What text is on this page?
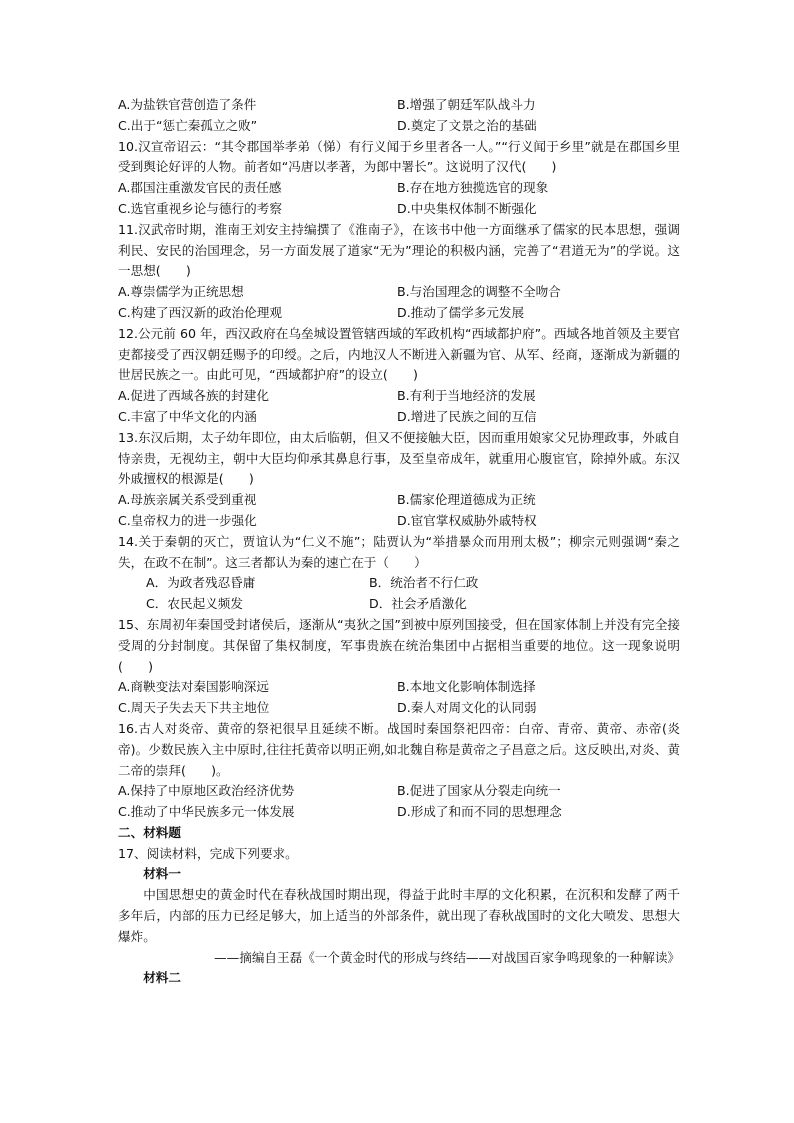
A.为盐铁官营创造了条件	B.增强了朝廷军队战斗力
C.出于“惩亡秦孤立之败”	D.奠定了文景之治的基础

10.汉宣帝诏云：“其令郡国举孝弟（悌）有行义闻于乡里者各一人。”“行义闻于乡里”就是在郡国乡里受到舆论好评的人物。前者如“冯唐以孝著，为郎中署长”。这说明了汉代(　　)

A.郡国注重激发官民的责任感	B.存在地方独揽选官的现象
C.选官重视乡论与德行的考察	D.中央集权体制不断强化

11.汉武帝时期，淮南王刘安主持编撰了《淮南子》，在该书中他一方面继承了儒家的民本思想，强调利民、安民的治国理念，另一方面发展了道家“无为”理论的积极内涵，完善了“君道无为”的学说。这一思想(　　)

A.尊崇儒学为正统思想	B.与治国理念的调整不全吻合
C.构建了西汉新的政治伦理观	D.推动了儒学多元发展

12.公元前 60 年，西汉政府在乌垒城设置管辖西域的军政机构“西域都护府”。西域各地首领及主要官吏都接受了西汉朝廷赐予的印绶。之后，内地汉人不断进入新疆为官、从军、经商，逐渐成为新疆的世居民族之一。由此可见，“西域都护府”的设立(　　)

A.促进了西域各族的封建化	B.有利于当地经济的发展
C.丰富了中华文化的内涵	D.增进了民族之间的互信

13.东汉后期，太子幼年即位，由太后临朝，但又不便接触大臣，因而重用娘家父兄协理政事，外戚自恃亲贵，无视幼主，朝中大臣均仰承其鼻息行事，及至皇帝成年，就重用心腹宦官，除掉外戚。东汉外戚擅权的根源是(　　)

A.母族亲属关系受到重视	B.儒家伦理道德成为正统
C.皇帝权力的进一步强化	D.宦官掌权威胁外戚特权

14.关于秦朝的灭亡，贾谊认为“仁义不施”；陆贾认为“举措暴众而用刑太极”；柳宗元则强调“秦之失，在政不在制”。这三者都认为秦的速亡在于（　　）

A．为政者残忍昏庸	B．统治者不行仁政
C．农民起义频发	D．社会矛盾激化

15、东周初年秦国受封诸侯后，逐渐从“夷狄之国”到被中原列国接受，但在国家体制上并没有完全接受周的分封制度。其保留了集权制度，军事贵族在统治集团中占据相当重要的地位。这一现象说明(　　)

A.商鞅变法对秦国影响深远	B.本地文化影响体制选择
C.周天子失去天下共主地位	D.秦人对周文化的认同弱

16.古人对炎帝、黄帝的祭祀很早且延续不断。战国时秦国祭祀四帝：白帝、青帝、黄帝、赤帝(炎帝)。少数民族入主中原时,往往托黄帝以明正朔,如北魏自称是黄帝之子昌意之后。这反映出,对炎、黄二帝的崇拜(　　)。

A.保持了中原地区政治经济优势	B.促进了国家从分裂走向统一
C.推动了中华民族多元一体发展	D.形成了和而不同的思想理念

二、材料题

17、阅读材料，完成下列要求。

材料一

中国思想史的黄金时代在春秋战国时期出现，得益于此时丰厚的文化积累，在沉积和发酵了两千多年后，内部的压力已经足够大，加上适当的外部条件，就出现了春秋战国时的文化大喷发、思想大爆炸。

——摘编自王磊《一个黄金时代的形成与终结——对战国百家争鸣现象的一种解读》

材料二
